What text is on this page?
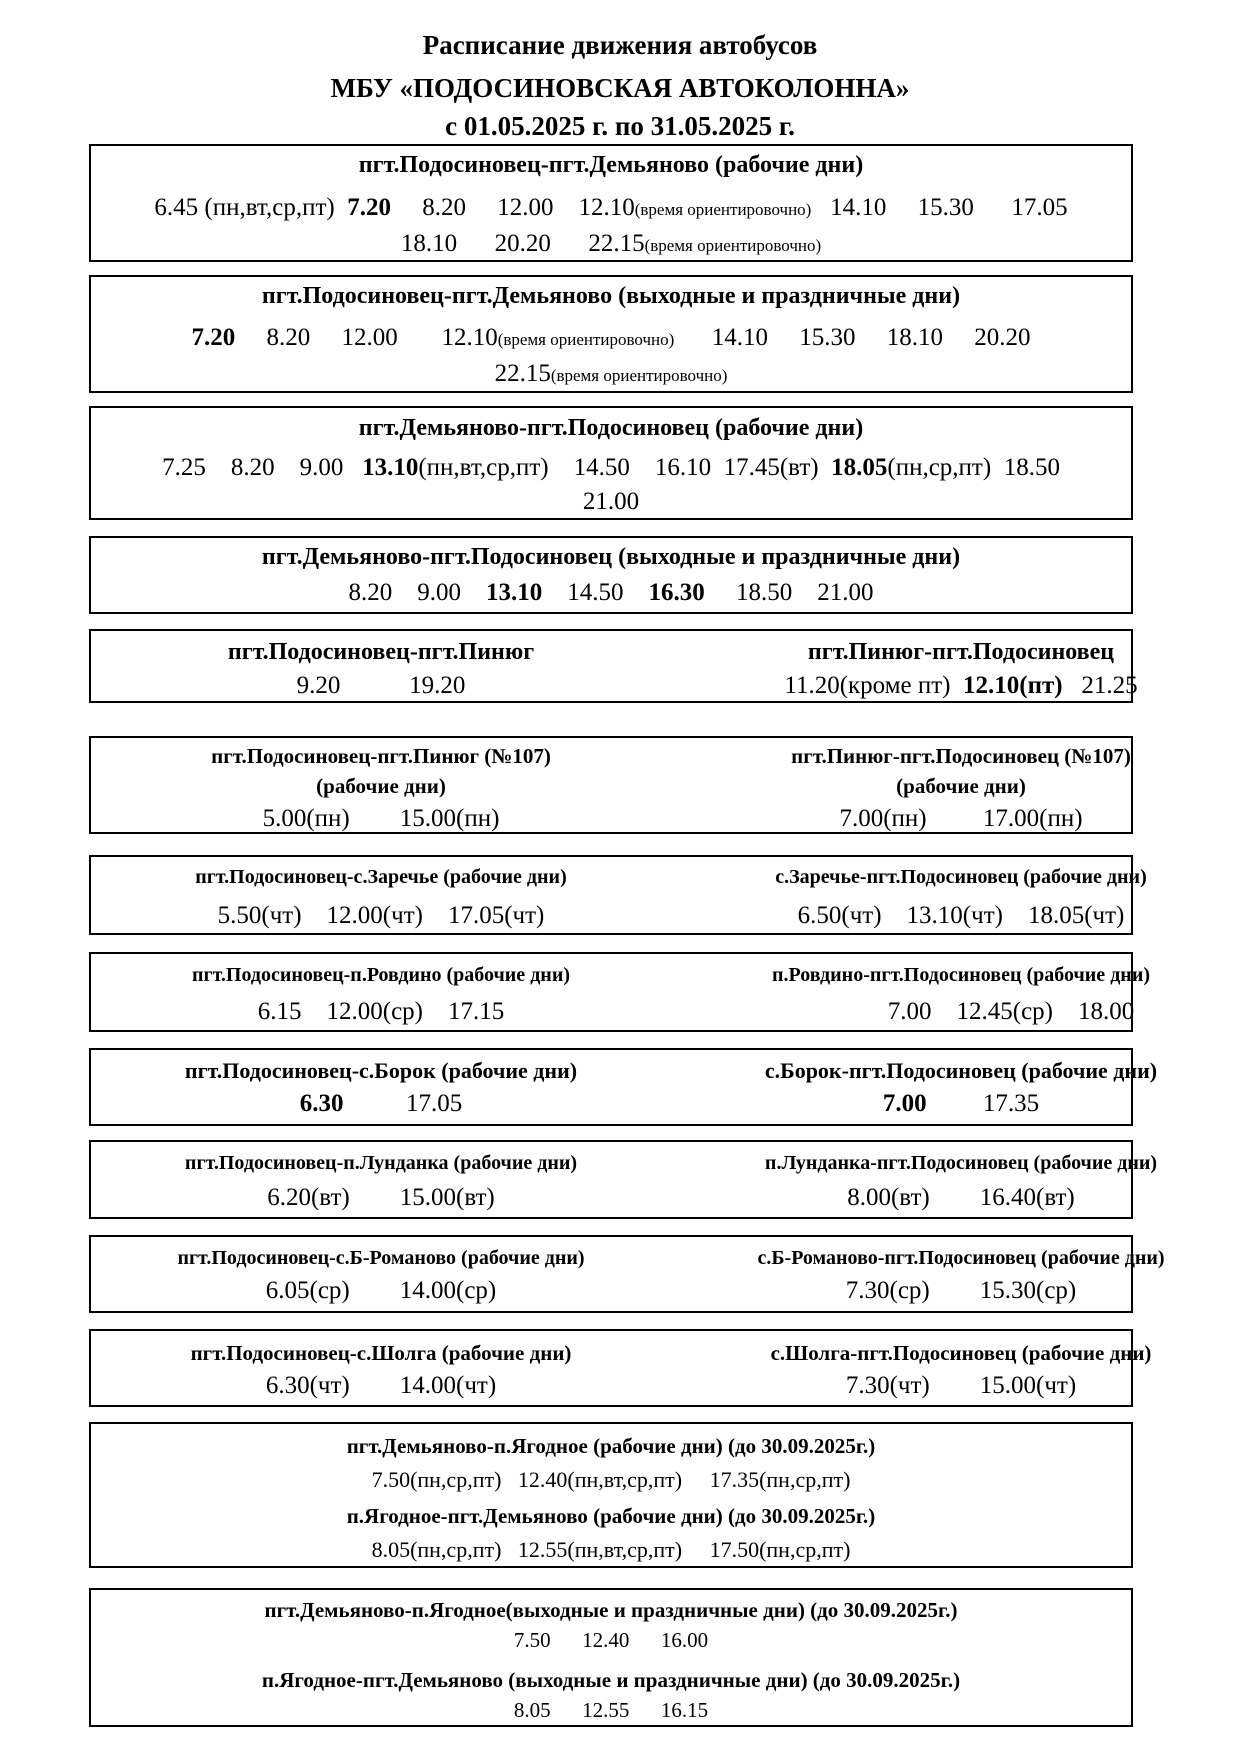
Расписание движения автобусов
МБУ «ПОДОСИНОВСКАЯ АВТОКОЛОННА»
с 01.05.2025 г. по 31.05.2025 г.
пгт.Подосиновец-пгт.Демьяново (рабочие дни)
6.45 (пн,вт,ср,пт) 7.20 8.20 12.00 12.10(время ориентировочно) 14.10 15.30 17.05
18.10 20.20 22.15(время ориентировочно)
пгт.Подосиновец-пгт.Демьяново (выходные и праздничные дни)
7.20 8.20 12.00 12.10(время ориентировочно) 14.10 15.30 18.10 20.20
22.15(время ориентировочно)
пгт.Демьяново-пгт.Подосиновец (рабочие дни)
7.25 8.20 9.00 13.10(пн,вт,ср,пт) 14.50 16.10 17.45(вт) 18.05(пн,ср,пт) 18.50
21.00
пгт.Демьяново-пгт.Подосиновец (выходные и праздничные дни)
8.20 9.00 13.10 14.50 16.30 18.50 21.00
пгт.Подосиновец-пгт.Пинюг
9.20	19.20
пгт.Пинюг-пгт.Подосиновец
11.20(кроме пт) 12.10(пт) 21.25
пгт.Подосиновец-пгт.Пинюг (№107)
(рабочие дни)
5.00(пн) 15.00(пн)
пгт.Пинюг-пгт.Подосиновец (№107)
(рабочие дни)
7.00(пн) 17.00(пн)
пгт.Подосиновец-с.Заречье (рабочие дни)
5.50(чт) 12.00(чт) 17.05(чт)
с.Заречье-пгт.Подосиновец (рабочие дни)
6.50(чт) 13.10(чт) 18.05(чт)
пгт.Подосиновец-п.Ровдино (рабочие дни)
6.15 12.00(ср) 17.15
п.Ровдино-пгт.Подосиновец (рабочие дни)
7.00 12.45(ср) 18.00
пгт.Подосиновец-с.Борок (рабочие дни)
6.30	17.05
с.Борок-пгт.Подосиновец (рабочие дни)
7.00 17.35
пгт.Подосиновец-п.Лунданка (рабочие дни)
6.20(вт) 15.00(вт)
п.Лунданка-пгт.Подосиновец (рабочие дни)
8.00(вт) 16.40(вт)
пгт.Подосиновец-с.Б-Романово (рабочие дни)
6.05(ср) 14.00(ср)
с.Б-Романово-пгт.Подосиновец (рабочие дни)
7.30(ср) 15.30(ср)
пгт.Подосиновец-с.Шолга (рабочие дни)
6.30(чт) 14.00(чт)
с.Шолга-пгт.Подосиновец (рабочие дни)
7.30(чт) 15.00(чт)
пгт.Демьяново-п.Ягодное (рабочие дни) (до 30.09.2025г.)
7.50(пн,ср,пт) 12.40(пн,вт,ср,пт) 17.35(пн,ср,пт)
п.Ягодное-пгт.Демьяново (рабочие дни) (до 30.09.2025г.)
8.05(пн,ср,пт) 12.55(пн,вт,ср,пт) 17.50(пн,ср,пт)
пгт.Демьяново-п.Ягодное(выходные и праздничные дни) (до 30.09.2025г.)
7.50 12.40 16.00
п.Ягодное-пгт.Демьяново (выходные и праздничные дни) (до 30.09.2025г.)
8.05 12.55 16.15
